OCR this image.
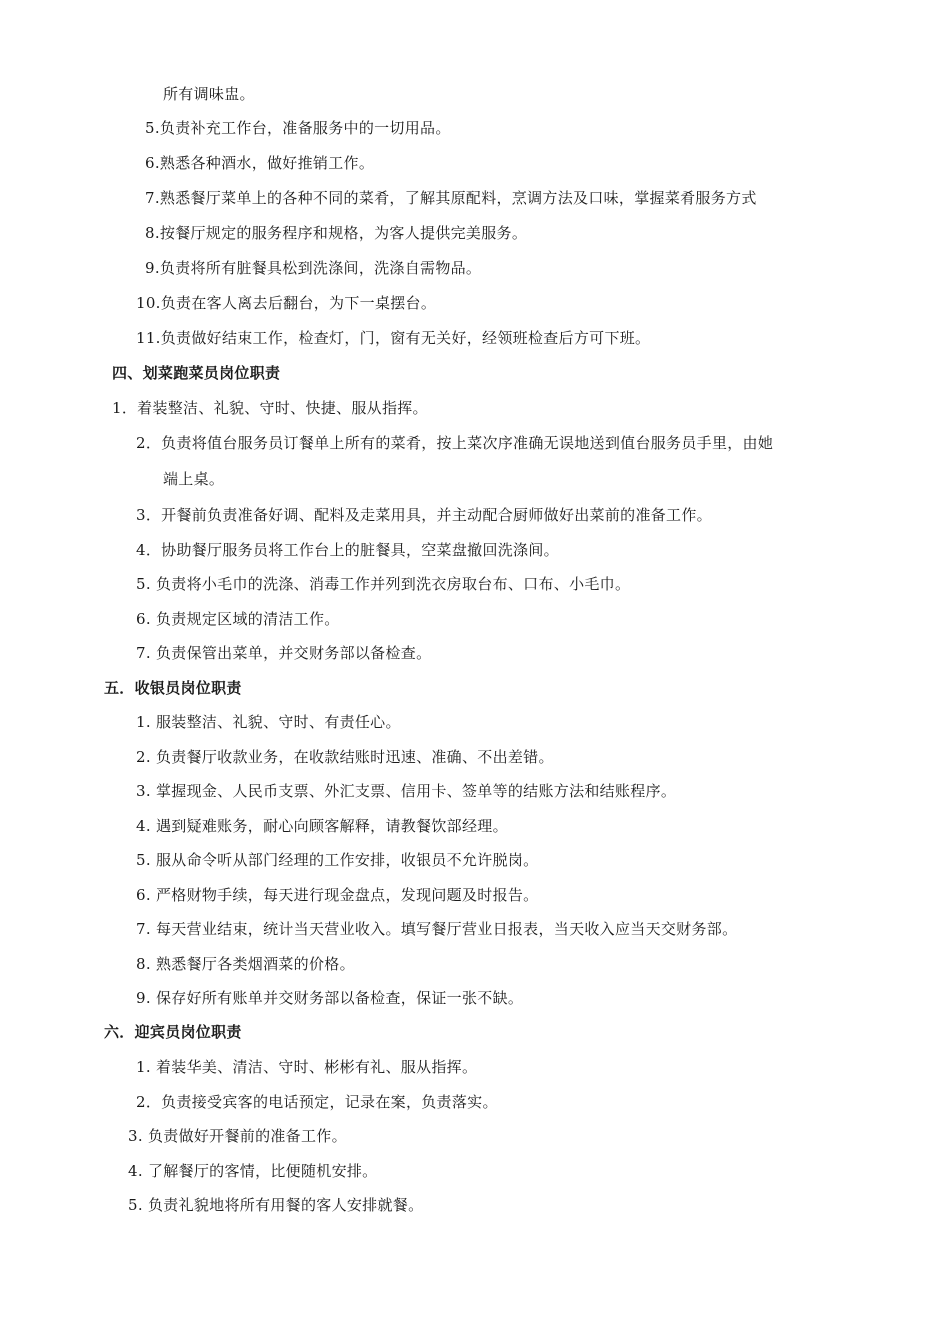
所有调味盅。
5.负责补充工作台，准备服务中的一切用品。
6.熟悉各种酒水，做好推销工作。
7.熟悉餐厅菜单上的各种不同的菜肴，了解其原配料，烹调方法及口味，掌握菜肴服务方式
8.按餐厅规定的服务程序和规格，为客人提供完美服务。
9.负责将所有脏餐具松到洗涤间，洗涤自需物品。
10.负责在客人离去后翻台，为下一桌摆台。
11.负责做好结束工作，检查灯，门，窗有无关好，经领班检查后方可下班。
四、划菜跑菜员岗位职责
1．着装整洁、礼貌、守时、快捷、服从指挥。
2．负责将值台服务员订餐单上所有的菜肴，按上菜次序准确无误地送到值台服务员手里，由她
端上桌。
3．开餐前负责准备好调、配料及走菜用具，并主动配合厨师做好出菜前的准备工作。
4．协助餐厅服务员将工作台上的脏餐具，空菜盘撤回洗涤间。
5. 负责将小毛巾的洗涤、消毒工作并列到洗衣房取台布、口布、小毛巾。
6. 负责规定区域的清洁工作。
7. 负责保管出菜单，并交财务部以备检查。
五．收银员岗位职责
1. 服装整洁、礼貌、守时、有责任心。
2. 负责餐厅收款业务，在收款结账时迅速、准确、不出差错。
3. 掌握现金、人民币支票、外汇支票、信用卡、签单等的结账方法和结账程序。
4. 遇到疑难账务，耐心向顾客解释，请教餐饮部经理。
5. 服从命令听从部门经理的工作安排，收银员不允许脱岗。
6. 严格财物手续，每天进行现金盘点，发现问题及时报告。
7. 每天营业结束，统计当天营业收入。填写餐厅营业日报表，当天收入应当天交财务部。
8. 熟悉餐厅各类烟酒菜的价格。
9. 保存好所有账单并交财务部以备检查，保证一张不缺。
六．迎宾员岗位职责
1. 着装华美、清洁、守时、彬彬有礼、服从指挥。
2．负责接受宾客的电话预定，记录在案，负责落实。
3. 负责做好开餐前的准备工作。
4. 了解餐厅的客情，比便随机安排。
5. 负责礼貌地将所有用餐的客人安排就餐。
